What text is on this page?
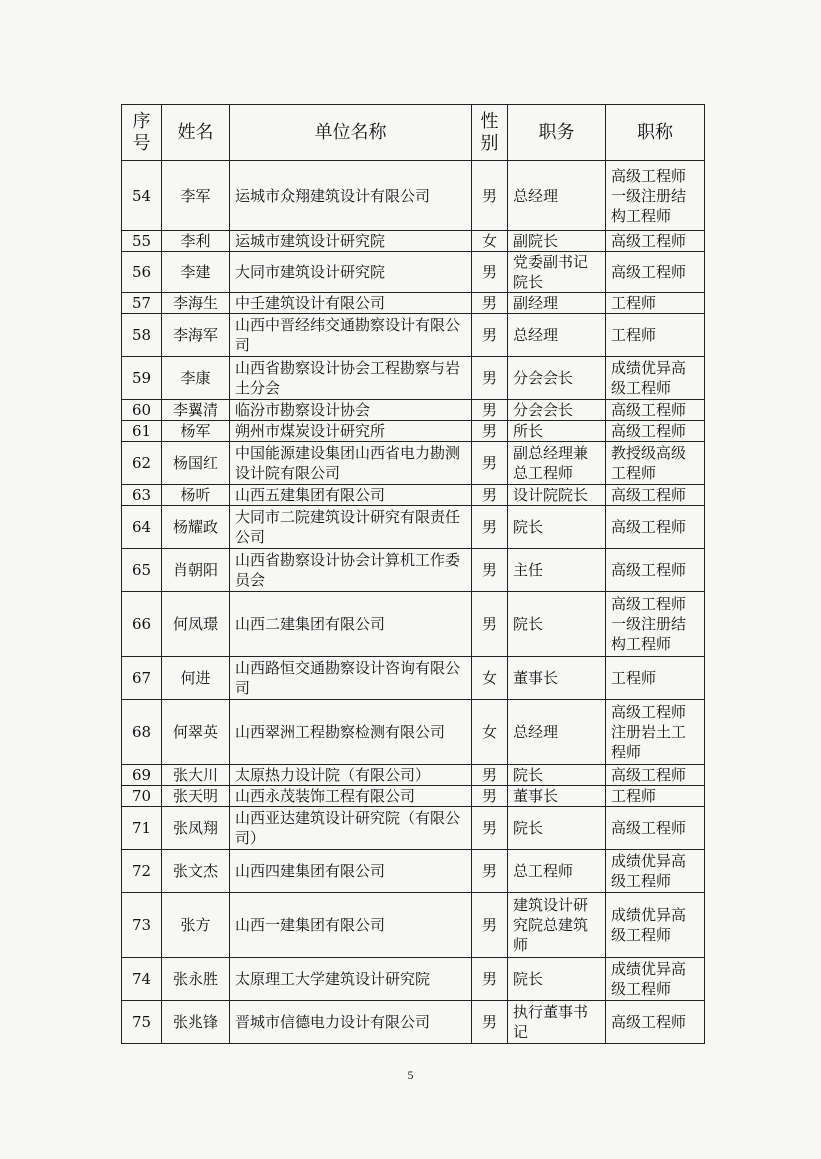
序号	姓名	单位名称	性别	职务	职称
54	李军	运城市众翔建筑设计有限公司	男	总经理	高级工程师一级注册结构工程师
55	李利	运城市建筑设计研究院	女	副院长	高级工程师
56	李建	大同市建筑设计研究院	男	党委副书记院长	高级工程师
57	李海生	中壬建筑设计有限公司	男	副经理	工程师
58	李海军	山西中晋经纬交通勘察设计有限公司	男	总经理	工程师
59	李康	山西省勘察设计协会工程勘察与岩土分会	男	分会会长	成绩优异高级工程师
60	李翼清	临汾市勘察设计协会	男	分会会长	高级工程师
61	杨军	朔州市煤炭设计研究所	男	所长	高级工程师
62	杨国红	中国能源建设集团山西省电力勘测设计院有限公司	男	副总经理兼总工程师	教授级高级工程师
63	杨听	山西五建集团有限公司	男	设计院院长	高级工程师
64	杨耀政	大同市二院建筑设计研究有限责任公司	男	院长	高级工程师
65	肖朝阳	山西省勘察设计协会计算机工作委员会	男	主任	高级工程师
66	何凤璟	山西二建集团有限公司	男	院长	高级工程师一级注册结构工程师
67	何进	山西路恒交通勘察设计咨询有限公司	女	董事长	工程师
68	何翠英	山西翠洲工程勘察检测有限公司	女	总经理	高级工程师注册岩土工程师
69	张大川	太原热力设计院（有限公司）	男	院长	高级工程师
70	张天明	山西永茂装饰工程有限公司	男	董事长	工程师
71	张凤翔	山西亚达建筑设计研究院（有限公司）	男	院长	高级工程师
72	张文杰	山西四建集团有限公司	男	总工程师	成绩优异高级工程师
73	张方	山西一建集团有限公司	男	建筑设计研究院总建筑师	成绩优异高级工程师
74	张永胜	太原理工大学建筑设计研究院	男	院长	成绩优异高级工程师
75	张兆锋	晋城市信德电力设计有限公司	男	执行董事书记	高级工程师
5
